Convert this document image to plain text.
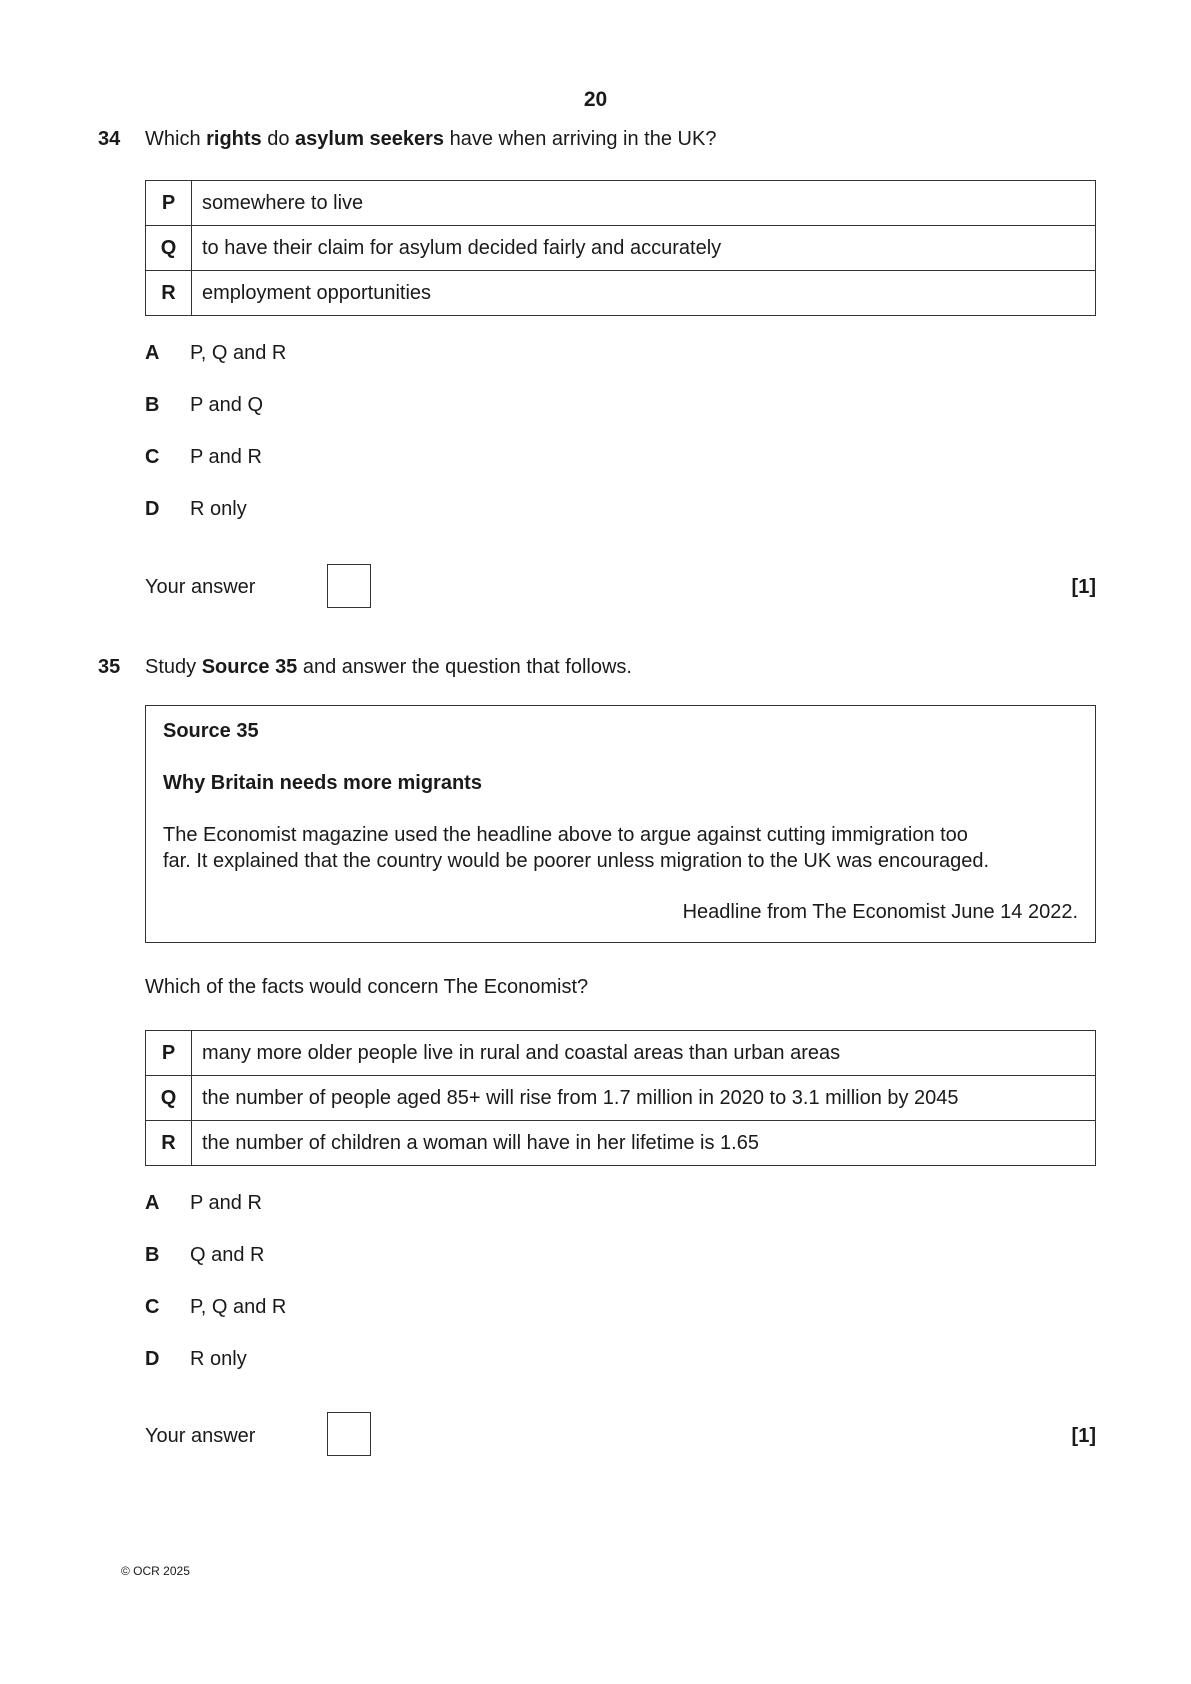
20
34 Which rights do asylum seekers have when arriving in the UK?
P	somewhere to live
Q	to have their claim for asylum decided fairly and accurately
R	employment opportunities
A P, Q and R
B P and Q
C P and R
D R only
Your answer	[1]
35 Study Source 35 and answer the question that follows.
Source 35
Why Britain needs more migrants
The Economist magazine used the headline above to argue against cutting immigration too
far. It explained that the country would be poorer unless migration to the UK was encouraged.
Headline from The Economist June 14 2022.
Which of the facts would concern The Economist?
P	many more older people live in rural and coastal areas than urban areas
Q	the number of people aged 85+ will rise from 1.7 million in 2020 to 3.1 million by 2045
R	the number of children a woman will have in her lifetime is 1.65
A P and R
B Q and R
C P, Q and R
D R only
Your answer	[1]
© OCR 2025
